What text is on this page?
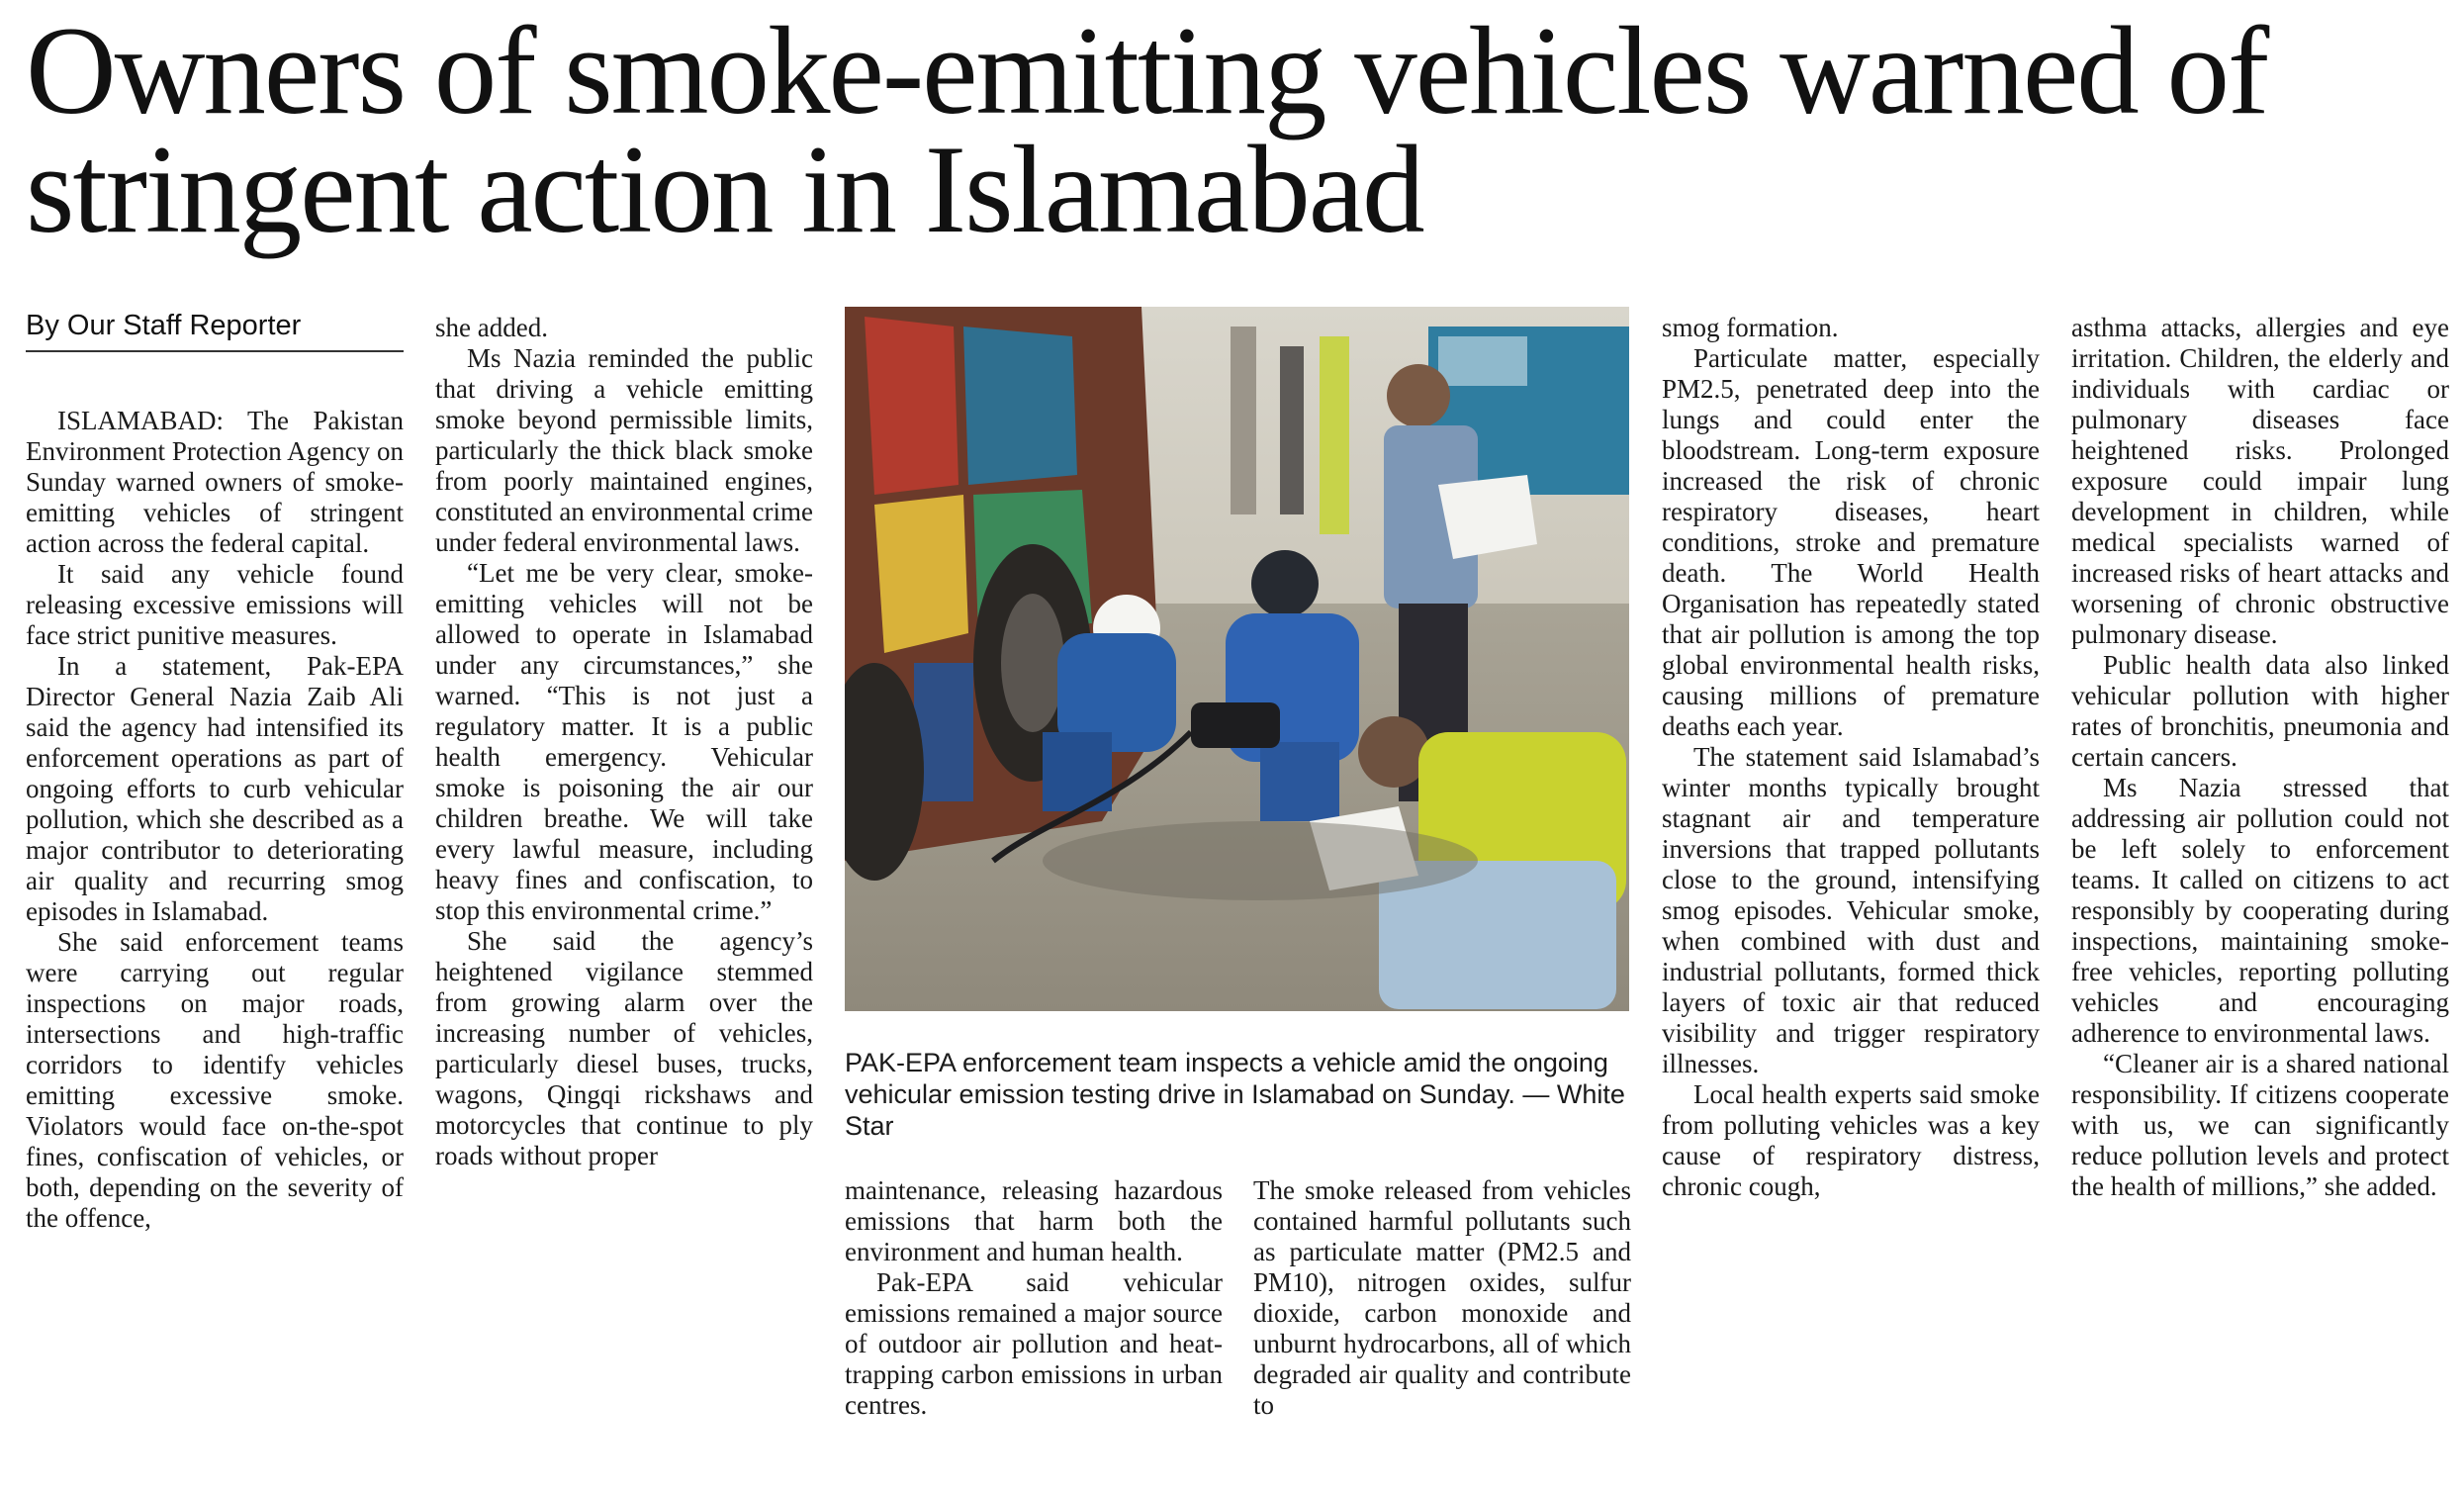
Owners of smoke-emitting vehicles warned of stringent action in Islamabad
By Our Staff Reporter

ISLAMABAD: The Pakistan Environment Protection Agency on Sunday warned owners of smoke-emitting vehicles of stringent action across the federal capital.

It said any vehicle found releasing excessive emissions will face strict punitive measures.

In a statement, Pak-EPA Director General Nazia Zaib Ali said the agency had intensified its enforcement operations as part of ongoing efforts to curb vehicular pollution, which she described as a major contributor to deteriorating air quality and recurring smog episodes in Islamabad.

She said enforcement teams were carrying out regular inspections on major roads, intersections and high-traffic corridors to identify vehicles emitting excessive smoke. Violators would face on-the-spot fines, confiscation of vehicles, or both, depending on the severity of the offence,

she added.

Ms Nazia reminded the public that driving a vehicle emitting smoke beyond permissible limits, particularly the thick black smoke from poorly maintained engines, constituted an environmental crime under federal environmental laws.

“Let me be very clear, smoke-emitting vehicles will not be allowed to operate in Islamabad under any circumstances,” she warned. “This is not just a regulatory matter. It is a public health emergency. Vehicular smoke is poisoning the air our children breathe. We will take every lawful measure, including heavy fines and confiscation, to stop this environmental crime.”

She said the agency’s heightened vigilance stemmed from growing alarm over the increasing number of vehicles, particularly diesel buses, trucks, wagons, Qingqi rickshaws and motorcycles that continue to ply roads without proper

PAK-EPA enforcement team inspects a vehicle amid the ongoing vehicular emission testing drive in Islamabad on Sunday. — White Star

maintenance, releasing hazardous emissions that harm both the environment and human health.

Pak-EPA said vehicular emissions remained a major source of outdoor air pollution and heat-trapping carbon emissions in urban centres.

The smoke released from vehicles contained harmful pollutants such as particulate matter (PM2.5 and PM10), nitrogen oxides, sulfur dioxide, carbon monoxide and unburnt hydrocarbons, all of which degraded air quality and contribute to

smog formation.

Particulate matter, especially PM2.5, penetrated deep into the lungs and could enter the bloodstream. Long-term exposure increased the risk of chronic respiratory diseases, heart conditions, stroke and premature death. The World Health Organisation has repeatedly stated that air pollution is among the top global environmental health risks, causing millions of premature deaths each year.

The statement said Islamabad’s winter months typically brought stagnant air and temperature inversions that trapped pollutants close to the ground, intensifying smog episodes. Vehicular smoke, when combined with dust and industrial pollutants, formed thick layers of toxic air that reduced visibility and trigger respiratory illnesses.

Local health experts said smoke from polluting vehicles was a key cause of respiratory distress, chronic cough,

asthma attacks, allergies and eye irritation. Children, the elderly and individuals with cardiac or pulmonary diseases face heightened risks. Prolonged exposure could impair lung development in children, while medical specialists warned of increased risks of heart attacks and worsening of chronic obstructive pulmonary disease.

Public health data also linked vehicular pollution with higher rates of bronchitis, pneumonia and certain cancers.

Ms Nazia stressed that addressing air pollution could not be left solely to enforcement teams. It called on citizens to act responsibly by cooperating during inspections, maintaining smoke-free vehicles, reporting polluting vehicles and encouraging adherence to environmental laws.

“Cleaner air is a shared national responsibility. If citizens cooperate with us, we can significantly reduce pollution levels and protect the health of millions,” she added.
